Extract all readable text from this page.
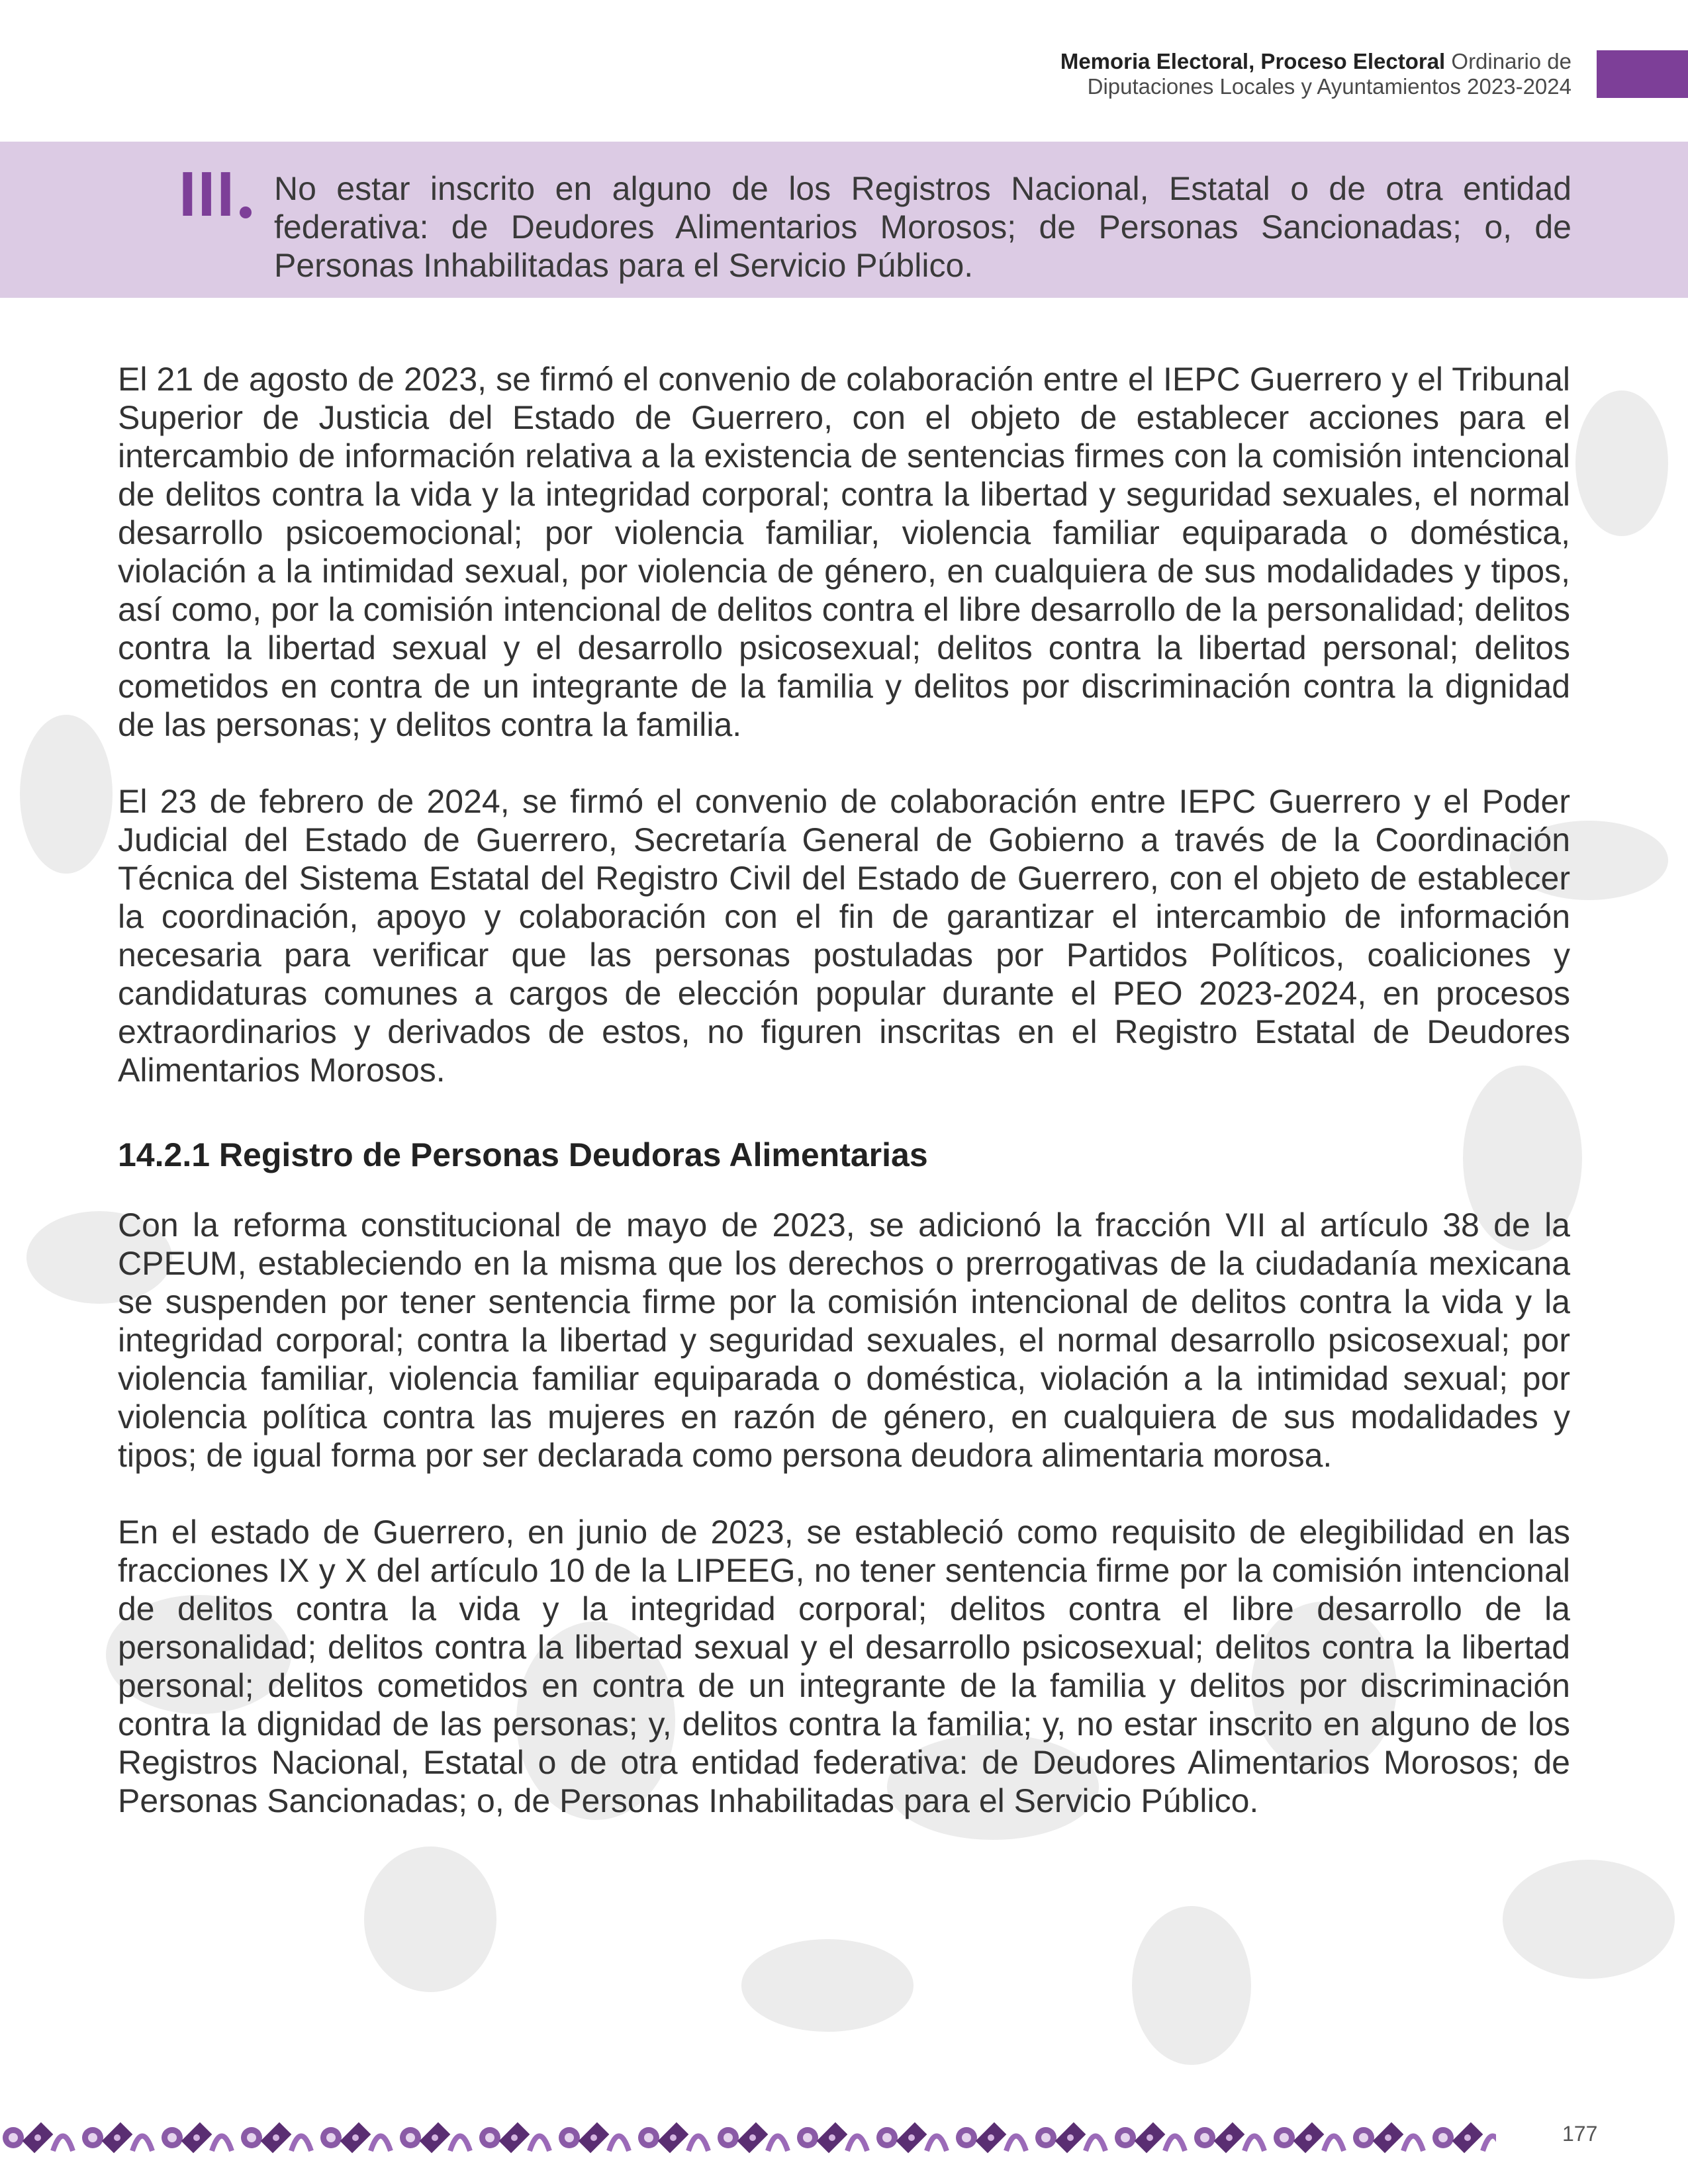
Memoria Electoral, Proceso Electoral Ordinario de
Diputaciones Locales y Ayuntamientos 2023-2024
III No estar inscrito en alguno de los Registros Nacional, Estatal o de otra entidad federativa: de Deudores Alimentarios Morosos; de Personas Sancionadas; o, de Personas Inhabilitadas para el Servicio Público.

El 21 de agosto de 2023, se firmó el convenio de colaboración entre el IEPC Guerrero y el Tribunal Superior de Justicia del Estado de Guerrero, con el objeto de establecer acciones para el intercambio de información relativa a la existencia de sentencias firmes con la comisión intencional de delitos contra la vida y la integridad corporal; contra la libertad y seguridad sexuales, el normal desarrollo psicoemocional; por violencia familiar, violencia familiar equiparada o doméstica, violación a la intimidad sexual, por violencia de género, en cualquiera de sus modalidades y tipos, así como, por la comisión intencional de delitos contra el libre desarrollo de la personalidad; delitos contra la libertad sexual y el desarrollo psicosexual; delitos contra la libertad personal; delitos cometidos en contra de un integrante de la familia y delitos por discriminación contra la dignidad de las personas; y delitos contra la familia.

El 23 de febrero de 2024, se firmó el convenio de colaboración entre IEPC Guerrero y el Poder Judicial del Estado de Guerrero, Secretaría General de Gobierno a través de la Coordinación Técnica del Sistema Estatal del Registro Civil del Estado de Guerrero, con el objeto de establecer la coordinación, apoyo y colaboración con el fin de garantizar el intercambio de información necesaria para verificar que las personas postuladas por Partidos Políticos, coaliciones y candidaturas comunes a cargos de elección popular durante el PEO 2023-2024, en procesos extraordinarios y derivados de estos, no figuren inscritas en el Registro Estatal de Deudores Alimentarios Morosos.

14.2.1 Registro de Personas Deudoras Alimentarias

Con la reforma constitucional de mayo de 2023, se adicionó la fracción VII al artículo 38 de la CPEUM, estableciendo en la misma que los derechos o prerrogativas de la ciudadanía mexicana se suspenden por tener sentencia firme por la comisión intencional de delitos contra la vida y la integridad corporal; contra la libertad y seguridad sexuales, el normal desarrollo psicosexual; por violencia familiar, violencia familiar equiparada o doméstica, violación a la intimidad sexual; por violencia política contra las mujeres en razón de género, en cualquiera de sus modalidades y tipos; de igual forma por ser declarada como persona deudora alimentaria morosa.

En el estado de Guerrero, en junio de 2023, se estableció como requisito de elegibilidad en las fracciones IX y X del artículo 10 de la LIPEEG, no tener sentencia firme por la comisión intencional de delitos contra la vida y la integridad corporal; delitos contra el libre desarrollo de la personalidad; delitos contra la libertad sexual y el desarrollo psicosexual; delitos contra la libertad personal; delitos cometidos en contra de un integrante de la familia y delitos por discriminación contra la dignidad de las personas; y, delitos contra la familia; y, no estar inscrito en alguno de los Registros Nacional, Estatal o de otra entidad federativa: de Deudores Alimentarios Morosos; de Personas Sancionadas; o, de Personas Inhabilitadas para el Servicio Público.

177
